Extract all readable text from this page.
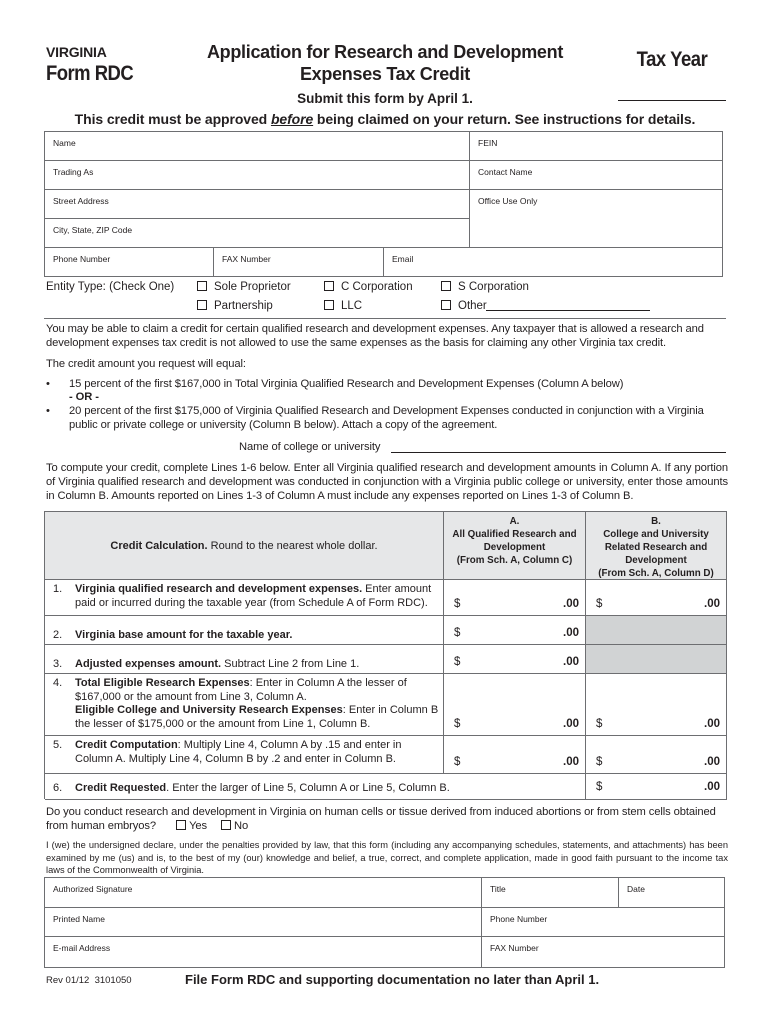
VIRGINIA
Form RDC
Application for Research and Development
Expenses Tax Credit
Tax Year
Submit this form by April 1.
This credit must be approved before being claimed on your return. See instructions for details.
Name	FEIN
Trading As	Contact Name
Street Address	Office Use Only
City, State, ZIP Code
Phone Number	FAX Number	Email
Entity Type: (Check One)	Sole Proprietor	C Corporation	S Corporation
Partnership	LLC	Other
You may be able to claim a credit for certain qualified research and development expenses. Any taxpayer that is allowed a research and development expenses tax credit is not allowed to use the same expenses as the basis for claiming any other Virginia tax credit.
The credit amount you request will equal:
• 15 percent of the first $167,000 in Total Virginia Qualified Research and Development Expenses (Column A below)
- OR -
• 20 percent of the first $175,000 of Virginia Qualified Research and Development Expenses conducted in conjunction with a Virginia public or private college or university (Column B below). Attach a copy of the agreement.
Name of college or university
To compute your credit, complete Lines 1-6 below. Enter all Virginia qualified research and development amounts in Column A. If any portion of Virginia qualified research and development was conducted in conjunction with a Virginia public college or university, enter those amounts in Column B. Amounts reported on Lines 1-3 of Column A must include any expenses reported on Lines 1-3 of Column B.
Credit Calculation. Round to the nearest whole dollar.
A.
All Qualified Research and
Development
(From Sch. A, Column C)
B.
College and University
Related Research and
Development
(From Sch. A, Column D)
1.	Virginia qualified research and development expenses. Enter amount paid or incurred during the taxable year (from Schedule A of Form RDC).	$	.00 $	.00
2.	Virginia base amount for the taxable year.	$	.00
3.	Adjusted expenses amount. Subtract Line 2 from Line 1.	$	.00
4.	Total Eligible Research Expenses: Enter in Column A the lesser of $167,000 or the amount from Line 3, Column A.
Eligible College and University Research Expenses: Enter in Column B the lesser of $175,000 or the amount from Line 1, Column B.	$	.00 $	.00
5.	Credit Computation: Multiply Line 4, Column A by .15 and enter in Column A. Multiply Line 4, Column B by .2 and enter in Column B.	$	.00 $	.00
6.	Credit Requested. Enter the larger of Line 5, Column A or Line 5, Column B.	$	.00
Do you conduct research and development in Virginia on human cells or tissue derived from induced abortions or from stem cells obtained from human embryos?	Yes No
I (we) the undersigned declare, under the penalties provided by law, that this form (including any accompanying schedules, statements, and attachments) has been examined by me (us) and is, to the best of my (our) knowledge and belief, a true, correct, and complete application, made in good faith pursuant to the income tax laws of the Commonwealth of Virginia.
Authorized Signature	Title	Date
Printed Name	Phone Number
E-mail Address	FAX Number
Rev 01/12  3101050	File Form RDC and supporting documentation no later than April 1.
